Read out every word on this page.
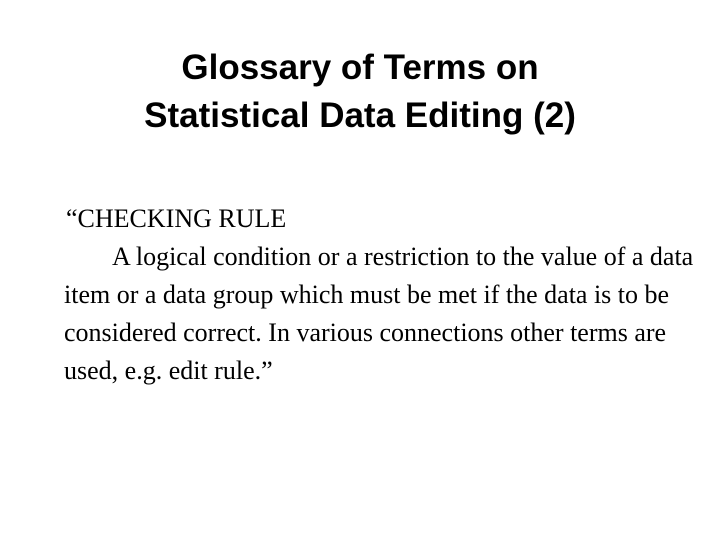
Glossary of Terms on
Statistical Data Editing (2)
“CHECKING RULE
A logical condition or a restriction to the value of a data item or a data group which must be met if the data is to be considered correct. In various connections other terms are used, e.g. edit rule.”
